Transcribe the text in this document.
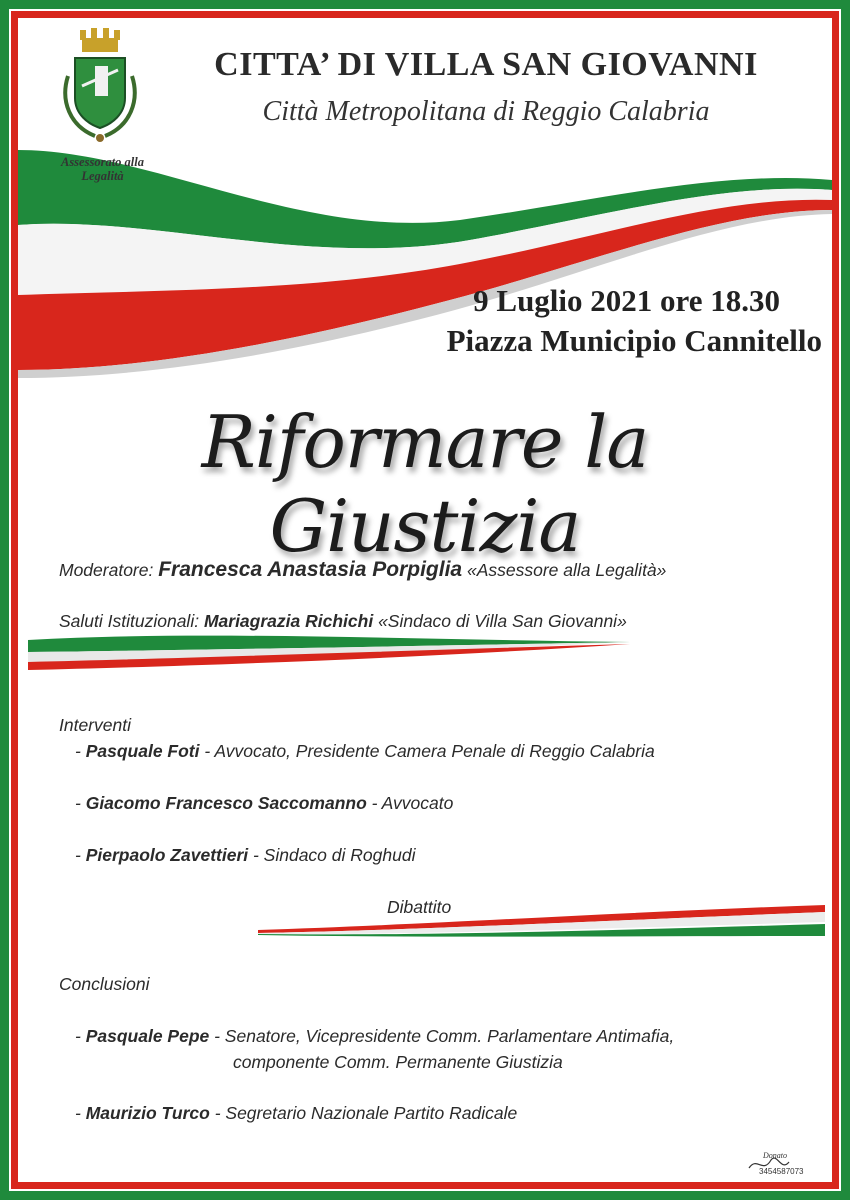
Assessorato alla Legalità
CITTA’ DI VILLA SAN GIOVANNI
Città Metropolitana di Reggio Calabria
9 Luglio 2021 ore 18.30
Piazza Municipio Cannitello
Riformare la Giustizia
Moderatore: Francesca Anastasia Porpiglia «Assessore alla Legalità»
Saluti Istituzionali: Mariagrazia Richichi «Sindaco di Villa San Giovanni»
Interventi
- Pasquale Foti - Avvocato, Presidente Camera Penale di Reggio Calabria
- Giacomo Francesco Saccomanno - Avvocato
- Pierpaolo Zavettieri - Sindaco di Roghudi
Dibattito
Conclusioni
- Pasquale Pepe - Senatore, Vicepresidente Comm. Parlamentare Antimafia,
componente Comm. Permanente Giustizia
- Maurizio Turco - Segretario Nazionale Partito Radicale
Donato
3454587073
